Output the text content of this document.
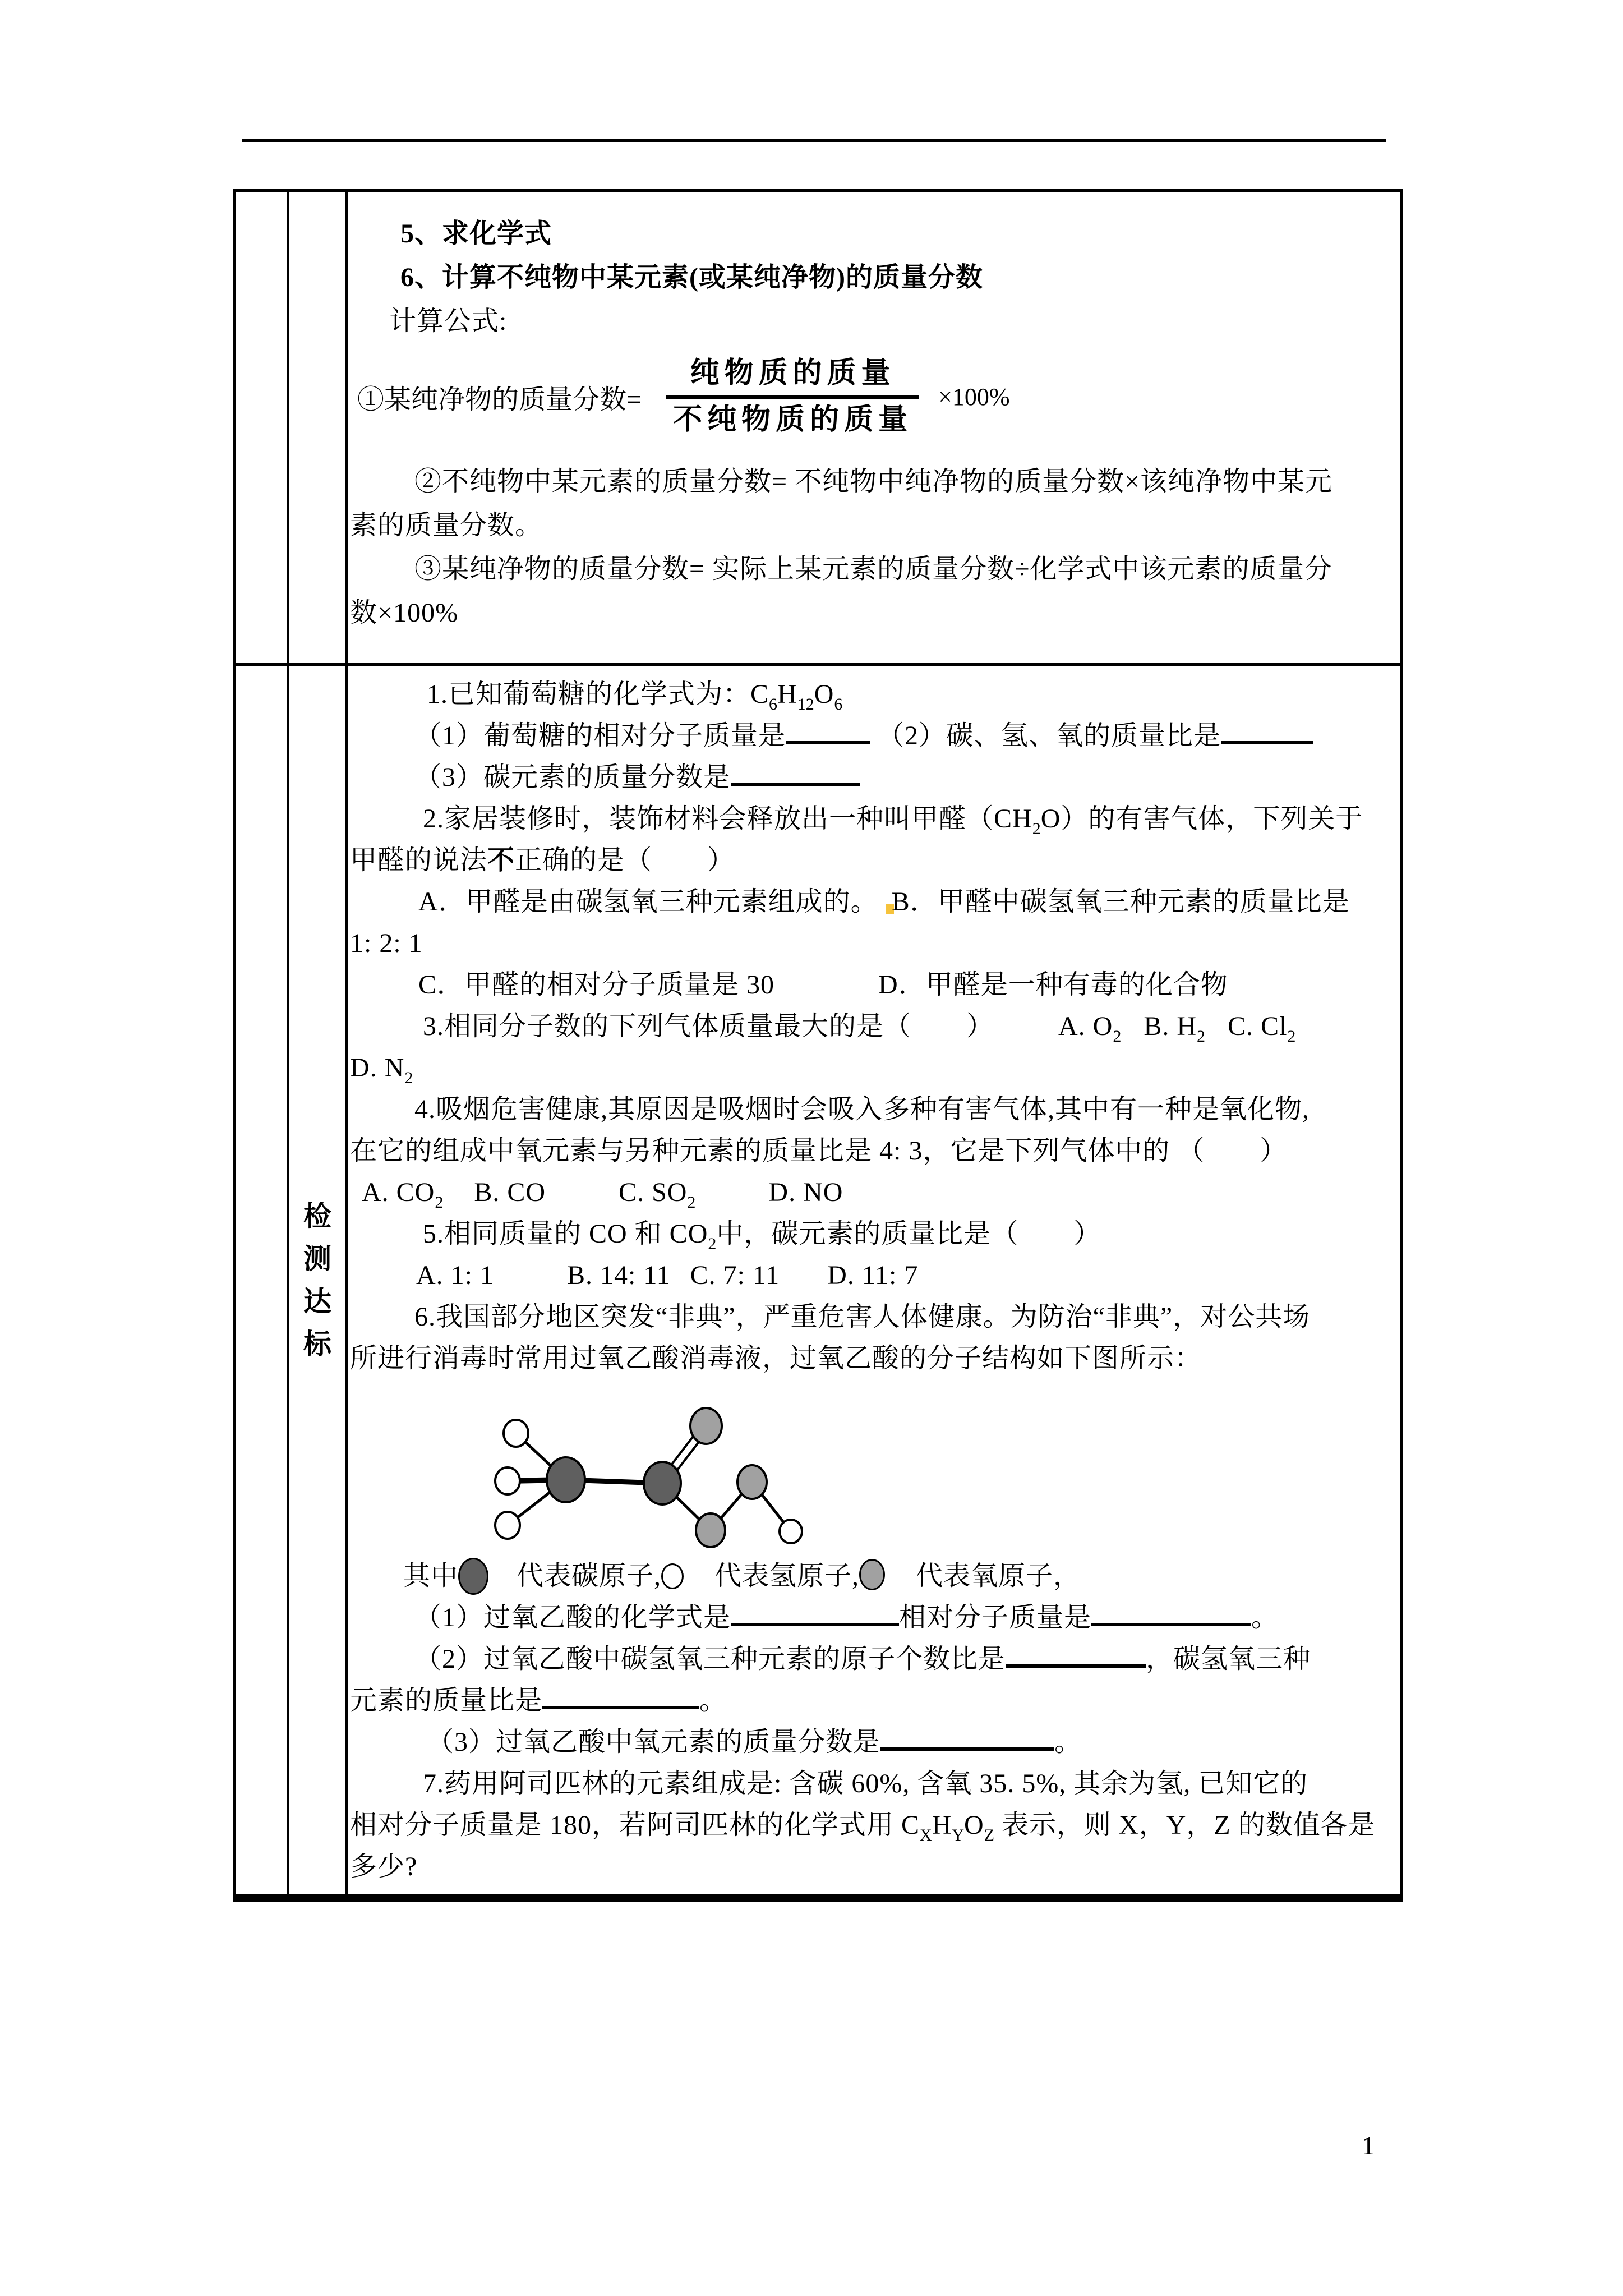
5、求化学式
6、计算不纯物中某元素(或某纯净物)的质量分数
计算公式:
①某纯净物的质量分数= $\frac{\text{纯物质的质量}}{\text{不纯物质的质量}} \times 100\%$
②不纯物中某元素的质量分数= 不纯物中纯净物的质量分数×该纯净物中某元
素的质量分数。
③某纯净物的质量分数= 实际上某元素的质量分数÷化学式中该元素的质量分
数×100%
检
测
达
标
1.已知葡萄糖的化学式为：$C_6H_{12}O_6$
（1）葡萄糖的相对分子质量是	（2）碳、氢、氧的质量比是
（3）碳元素的质量分数是
2.家居装修时，装饰材料会释放出一种叫甲醛$(CH_2O)$的有害气体，下列关于
甲醛的说法不正确的是（　　）
A．甲醛是由碳氢氧三种元素组成的。 B．甲醛中碳氢氧三种元素的质量比是
1: 2: 1
C．甲醛的相对分子质量是 30	D．甲醛是一种有毒的化合物
3.相同分子数的下列气体质量最大的是（　　） A. $O_2$ B. $H_2$ C. $Cl_2$
D. $N_2$
4.吸烟危害健康,其原因是吸烟时会吸入多种有害气体,其中有一种是氧化物,
在它的组成中氧元素与另种元素的质量比是 4: 3，它是下列气体中的 （　　）
A. $CO_2$ B. CO	C. $SO_2$	D. NO
5.相同质量的 CO 和 $CO_2$中，碳元素的质量比是（　　）
A. 1: 1	B. 14: 11 C. 7: 11 D. 11: 7
6.我国部分地区突发“非典”，严重危害人体健康。为防治“非典”，对公共场
所进行消毒时常用过氧乙酸消毒液，过氧乙酸的分子结构如下图所示：
其中 代表碳原子, 代表氢原子, 代表氧原子，
（1）过氧乙酸的化学式是	相对分子质量是	。
（2）过氧乙酸中碳氢氧三种元素的原子个数比是	，碳氢氧三种
元素的质量比是	。
（3）过氧乙酸中氧元素的质量分数是	。
7.药用阿司匹林的元素组成是: 含碳 60%, 含氧 35. 5%, 其余为氢, 已知它的
相对分子质量是 180，若阿司匹林的化学式用 $C_XH_YO_Z$ 表示，则 X，Y，Z 的数值各是
多少?
1
